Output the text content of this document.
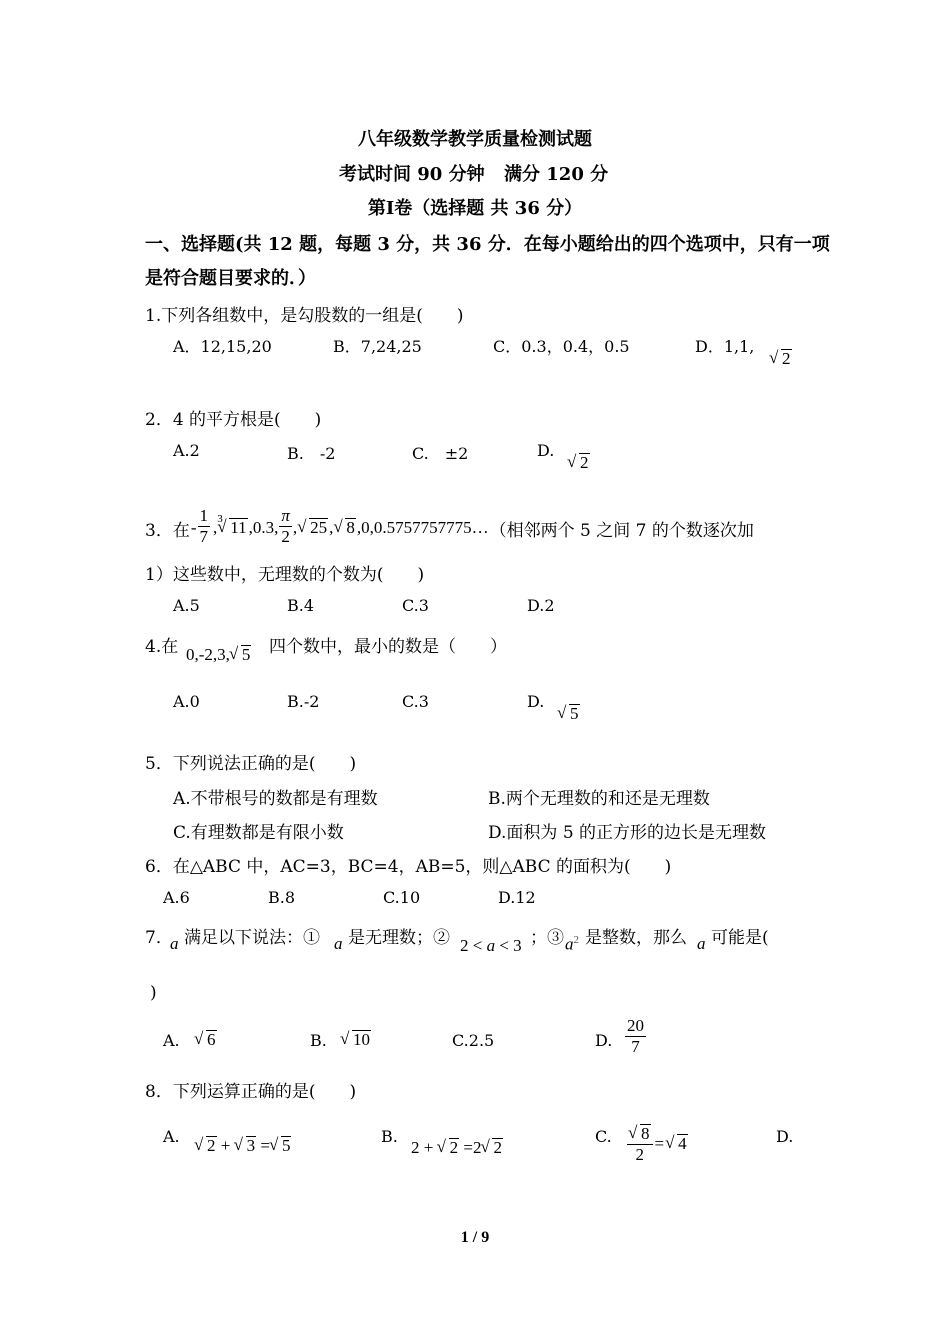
八年级数学教学质量检测试题
考试时间 90 分钟 满分 120 分
第I卷（选择题 共 36 分）
一、选择题(共 12 题，每题 3 分，共 36 分．在每小题给出的四个选项中，只有一项
是符合题目要求的．）
1.下列各组数中，是勾股数的一组是(　　)
A．12,15,20	B．7,24,25	C．0.3，0.4，0.5	D．1,1,
√ 2
2．4 的平方根是(　　)
A.2	B.　-2	C.　±2	D.
√ 2
3．在 - $\frac{1}{7}$ , 3 √ 11 ,0.3, $\frac{\pi}{2}$ , √ 25 , √ 8 ,0,0.5757757775… （相邻两个 5 之间 7 的个数逐次加
1）这些数中，无理数的个数为(　　)
A.5	B.4	C.3	D.2
4.在 0,-2,3, √ 5 四个数中，最小的数是（　　）
A.0	B.-2	C.3	D.
√ 5
5．下列说法正确的是(　　)
A.不带根号的数都是有理数	B.两个无理数的和还是无理数
C.有理数都是有限小数	D.面积为 5 的正方形的边长是无理数
6．在△ABC 中，AC=3，BC=4，AB=5，则△ABC 的面积为(　　)
A.6	B.8	C.10	D.12
7．
a 满足以下说法：① a 是无理数；② 2 < a < 3 ；③ $a^2$ 是整数，那么 a 可能是(
)
A.	√ 6	B.	√ 10	C.2.5	D. $\frac{20}{7}$
8．下列运算正确的是(　　)
A.	√ 2 + √ 3 = √ 5	B.
2 + √ 2 =2 √ 2
C. √ $\frac{8}{2}$ = √ 4	D.
1 / 9
